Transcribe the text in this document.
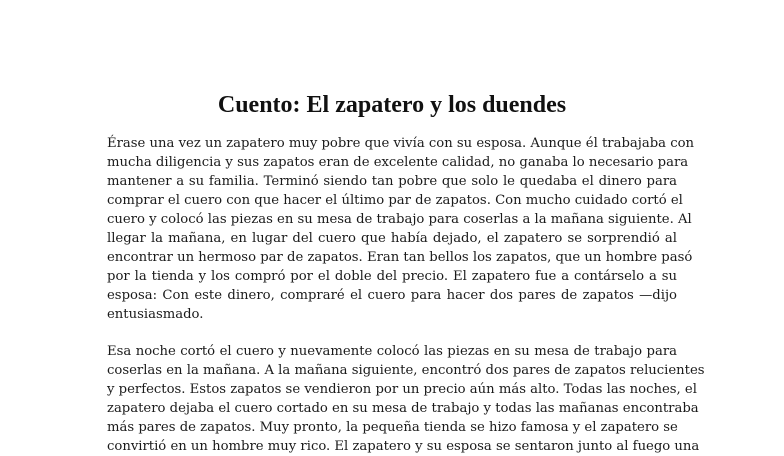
Cuento: El zapatero y los duendes
Érase una vez un zapatero muy pobre que vivía con su esposa. Aunque él trabajaba con
mucha diligencia y sus zapatos eran de excelente calidad, no ganaba lo necesario para
mantener a su familia. Terminó siendo tan pobre que solo le quedaba el dinero para
comprar el cuero con que hacer el último par de zapatos. Con mucho cuidado cortó el
cuero y colocó las piezas en su mesa de trabajo para coserlas a la mañana siguiente. Al
llegar la mañana, en lugar del cuero que había dejado, el zapatero se sorprendió al
encontrar un hermoso par de zapatos. Eran tan bellos los zapatos, que un hombre pasó
por la tienda y los compró por el doble del precio. El zapatero fue a contárselo a su
esposa: Con este dinero, compraré el cuero para hacer dos pares de zapatos —dijo
entusiasmado.
Esa noche cortó el cuero y nuevamente colocó las piezas en su mesa de trabajo para
coserlas en la mañana. A la mañana siguiente, encontró dos pares de zapatos relucientes
y perfectos. Estos zapatos se vendieron por un precio aún más alto. Todas las noches, el
zapatero dejaba el cuero cortado en su mesa de trabajo y todas las mañanas encontraba
más pares de zapatos. Muy pronto, la pequeña tienda se hizo famosa y el zapatero se
convirtió en un hombre muy rico. El zapatero y su esposa se sentaron junto al fuego una
